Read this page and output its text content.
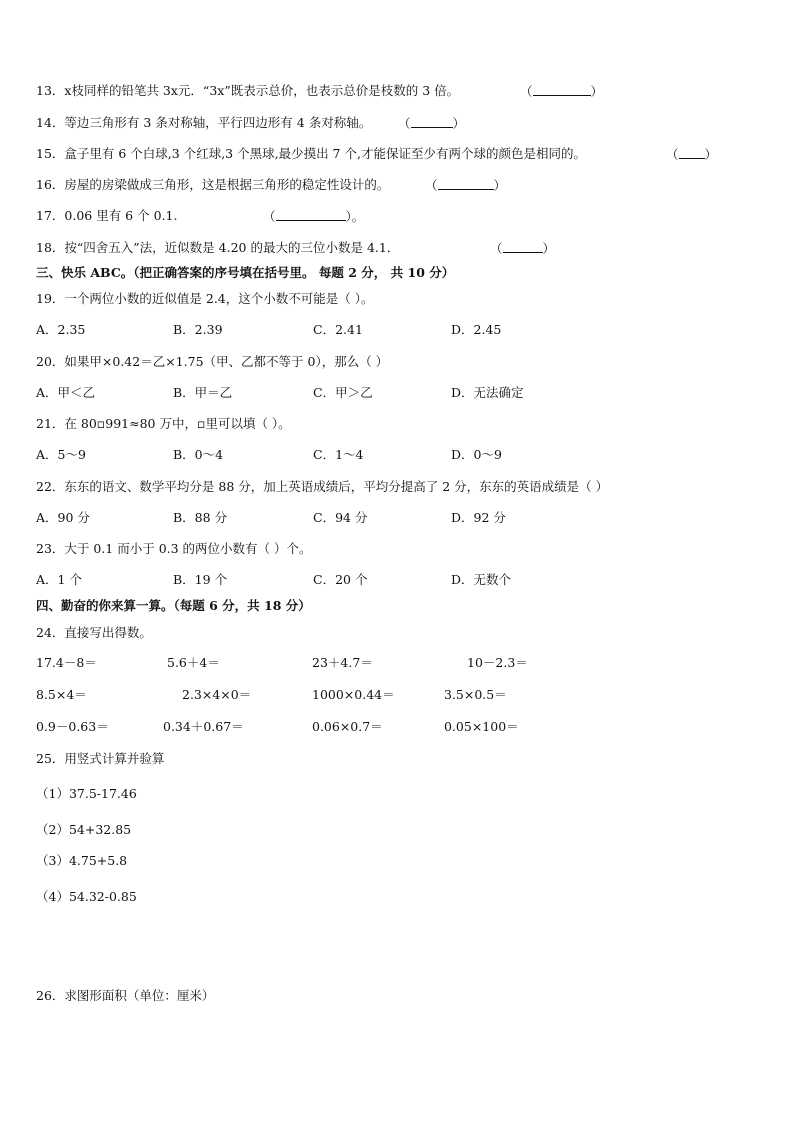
13．x枝同样的铅笔共 3x元．“3x”既表示总价，也表示总价是枝数的 3 倍。	（	）
14．等边三角形有 3 条对称轴，平行四边形有 4 条对称轴。 （	）
15．盒子里有 6 个白球,3 个红球,3 个黑球,最少摸出 7 个,才能保证至少有两个球的颜色是相同的。	（ ）
16．房屋的房梁做成三角形，这是根据三角形的稳定性设计的。	（	）
17．0.06 里有 6 个 0.1.	（	）。
18．按“四舍五入”法，近似数是 4.20 的最大的三位小数是 4.1．	（	）
三、快乐 ABC。（把正确答案的序号填在括号里。 每题 2 分， 共 10 分）
19．一个两位小数的近似值是 2.4，这个小数不可能是（ ）。
A．2.35	B．2.39	C．2.41	D．2.45
20．如果甲×0.42＝乙×1.75（甲、乙都不等于 0），那么（ ）
A．甲＜乙	B．甲＝乙	C．甲＞乙	D．无法确定
21．在 80▫991≈80 万中，▫里可以填（ ）。
A．5～9	B．0～4	C．1～4	D．0～9
22．东东的语文、数学平均分是 88 分，加上英语成绩后，平均分提高了 2 分，东东的英语成绩是（ ）
A．90 分	B．88 分	C．94 分	D．92 分
23．大于 0.1 而小于 0.3 的两位小数有（ ）个。
A．1 个	B．19 个	C．20 个	D．无数个
四、勤奋的你来算一算。（每题 6 分，共 18 分）
24．直接写出得数。
17.4－8＝	5.6＋4＝	23＋4.7＝	10－2.3＝
8.5×4＝	2.3×4×0＝	1000×0.44＝	3.5×0.5＝
0.9－0.63＝	0.34＋0.67＝	0.06×0.7＝	0.05×100＝
25．用竖式计算并验算
（1）37.5-17.46
（2）54+32.85
（3）4.75+5.8
（4）54.32-0.85
26．求图形面积（单位：厘米）
